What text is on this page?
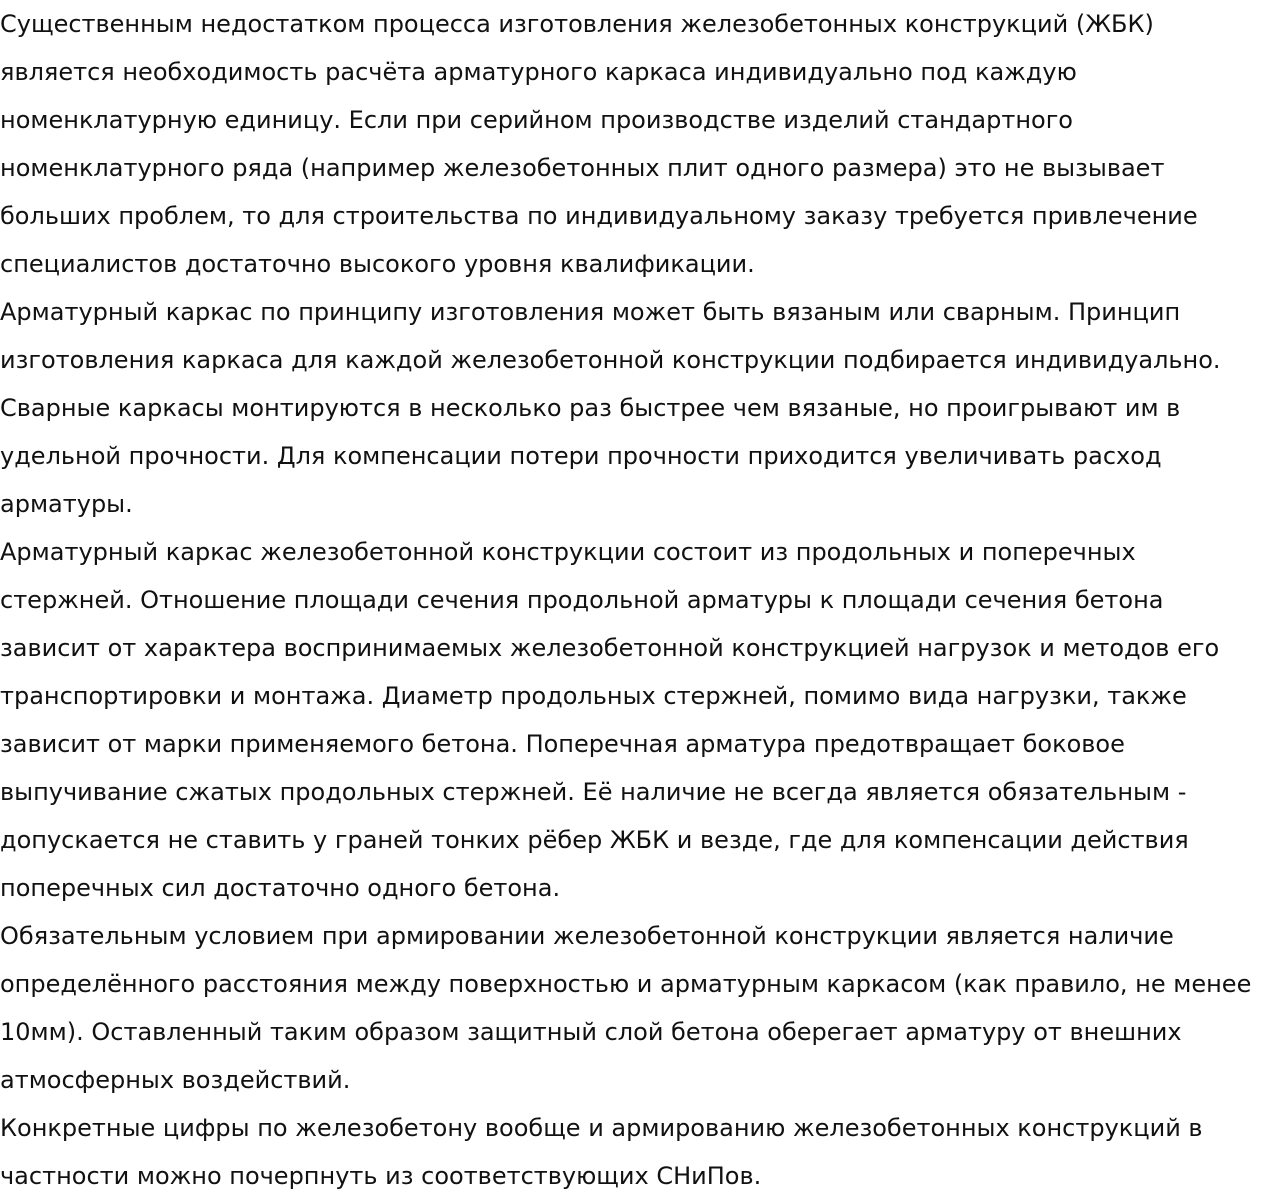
Существенным недостатком процесса изготовления железобетонных конструкций (ЖБК) является необходимость расчёта арматурного каркаса индивидуально под каждую номенклатурную единицу. Если при серийном производстве изделий стандартного номенклатурного ряда (например железобетонных плит одного размера) это не вызывает больших проблем, то для строительства по индивидуальному заказу требуется привлечение специалистов достаточно высокого уровня квалификации.

Арматурный каркас по принципу изготовления может быть вязаным или сварным. Принцип изготовления каркаса для каждой железобетонной конструкции подбирается индивидуально. Сварные каркасы монтируются в несколько раз быстрее чем вязаные, но проигрывают им в удельной прочности. Для компенсации потери прочности приходится увеличивать расход арматуры.

Арматурный каркас железобетонной конструкции состоит из продольных и поперечных стержней. Отношение площади сечения продольной арматуры к площади сечения бетона зависит от характера воспринимаемых железобетонной конструкцией нагрузок и методов его транспортировки и монтажа. Диаметр продольных стержней, помимо вида нагрузки, также зависит от марки применяемого бетона. Поперечная арматура предотвращает боковое выпучивание сжатых продольных стержней. Её наличие не всегда является обязательным - допускается не ставить у граней тонких рёбер ЖБК и везде, где для компенсации действия поперечных сил достаточно одного бетона.

Обязательным условием при армировании железобетонной конструкции является наличие определённого расстояния между поверхностью и арматурным каркасом (как правило, не менее 10мм). Оставленный таким образом защитный слой бетона оберегает арматуру от внешних атмосферных воздействий.

Конкретные цифры по железобетону вообще и армированию железобетонных конструкций в частности можно почерпнуть из соответствующих СНиПов.
